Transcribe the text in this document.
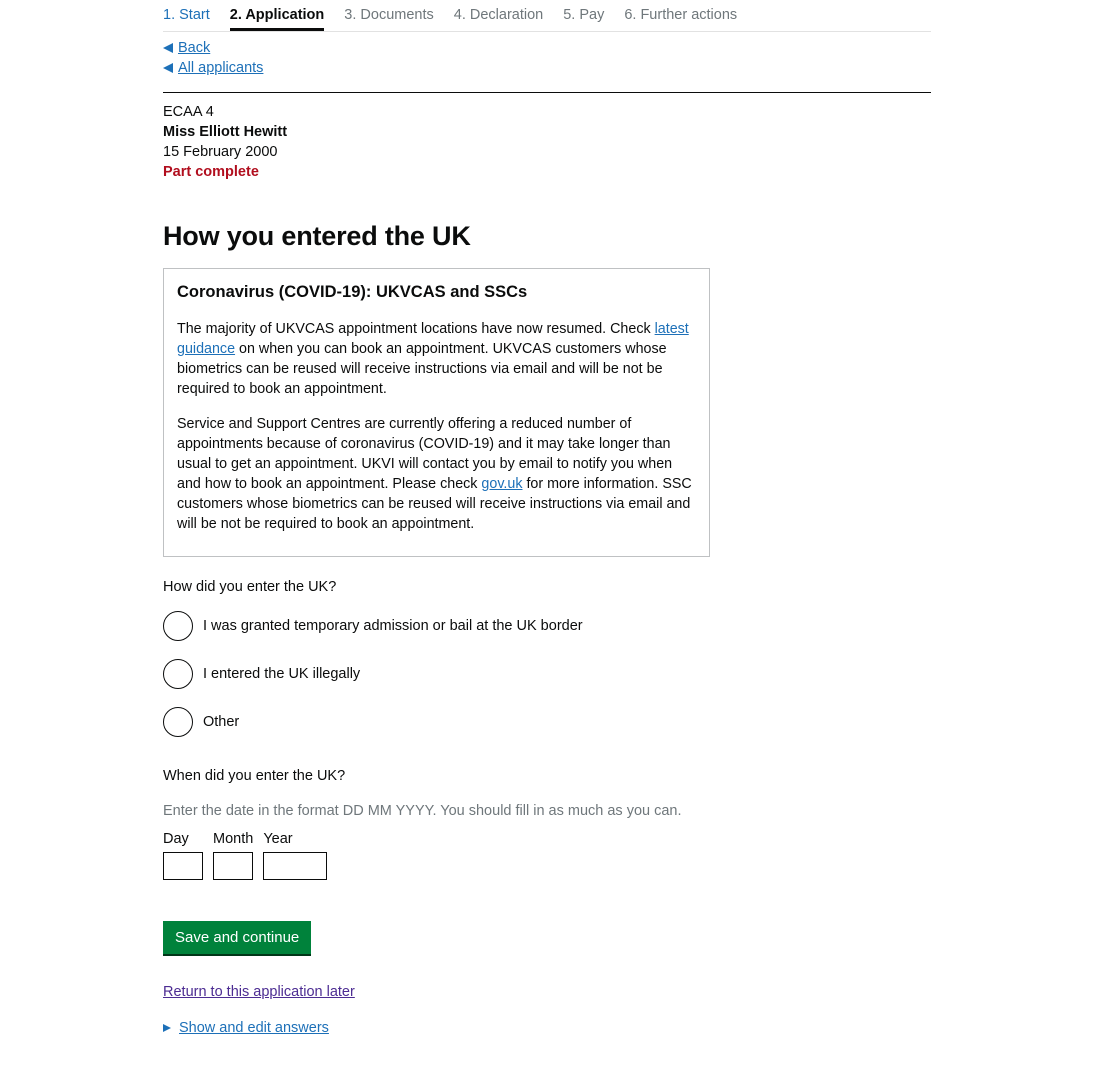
1. Start 2. Application 3. Documents 4. Declaration 5. Pay 6. Further actions
Back
All applicants
ECAA 4
Miss Elliott Hewitt
15 February 2000
Part complete
How you entered the UK
Coronavirus (COVID-19): UKVCAS and SSCs

The majority of UKVCAS appointment locations have now resumed. Check latest guidance on when you can book an appointment. UKVCAS customers whose biometrics can be reused will receive instructions via email and will be not be required to book an appointment.

Service and Support Centres are currently offering a reduced number of appointments because of coronavirus (COVID-19) and it may take longer than usual to get an appointment. UKVI will contact you by email to notify you when and how to book an appointment. Please check gov.uk for more information. SSC customers whose biometrics can be reused will receive instructions via email and will be not be required to book an appointment.

How did you enter the UK?
I was granted temporary admission or bail at the UK border
I entered the UK illegally
Other
When did you enter the UK?
Enter the date in the format DD MM YYYY. You should fill in as much as you can.
Day	Month Year
Save and continue
Return to this application later
Show and edit answers
